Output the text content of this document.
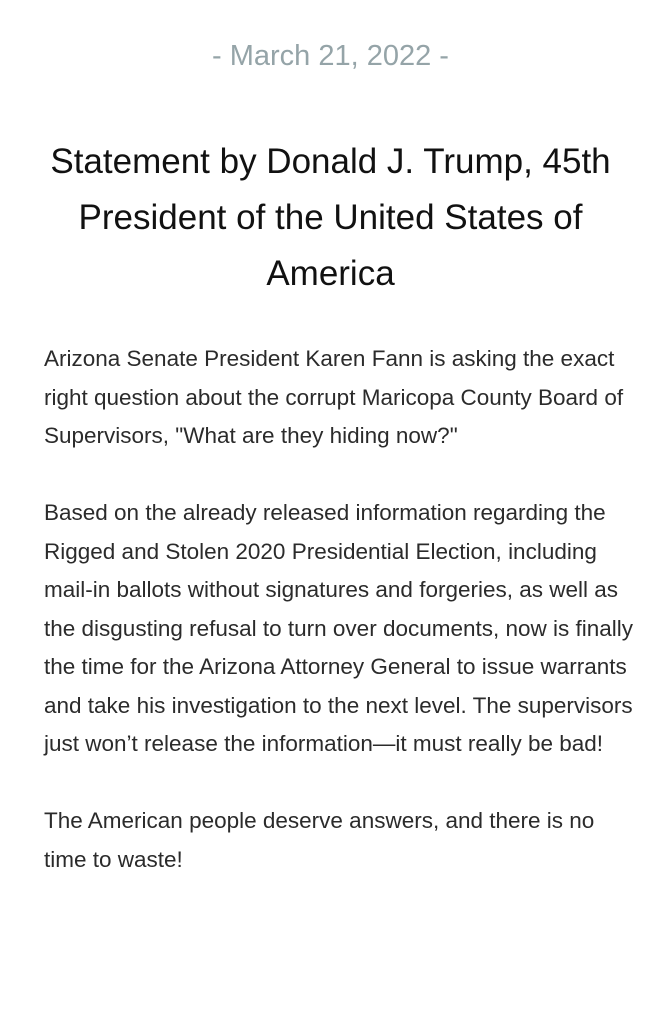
- March 21, 2022 -
Statement by Donald J. Trump, 45th President of the United States of America

Arizona Senate President Karen Fann is asking the exact right question about the corrupt Maricopa County Board of Supervisors, "What are they hiding now?"

Based on the already released information regarding the Rigged and Stolen 2020 Presidential Election, including mail-in ballots without signatures and forgeries, as well as the disgusting refusal to turn over documents, now is finally the time for the Arizona Attorney General to issue warrants and take his investigation to the next level. The supervisors just won’t release the information—it must really be bad!

The American people deserve answers, and there is no time to waste!
